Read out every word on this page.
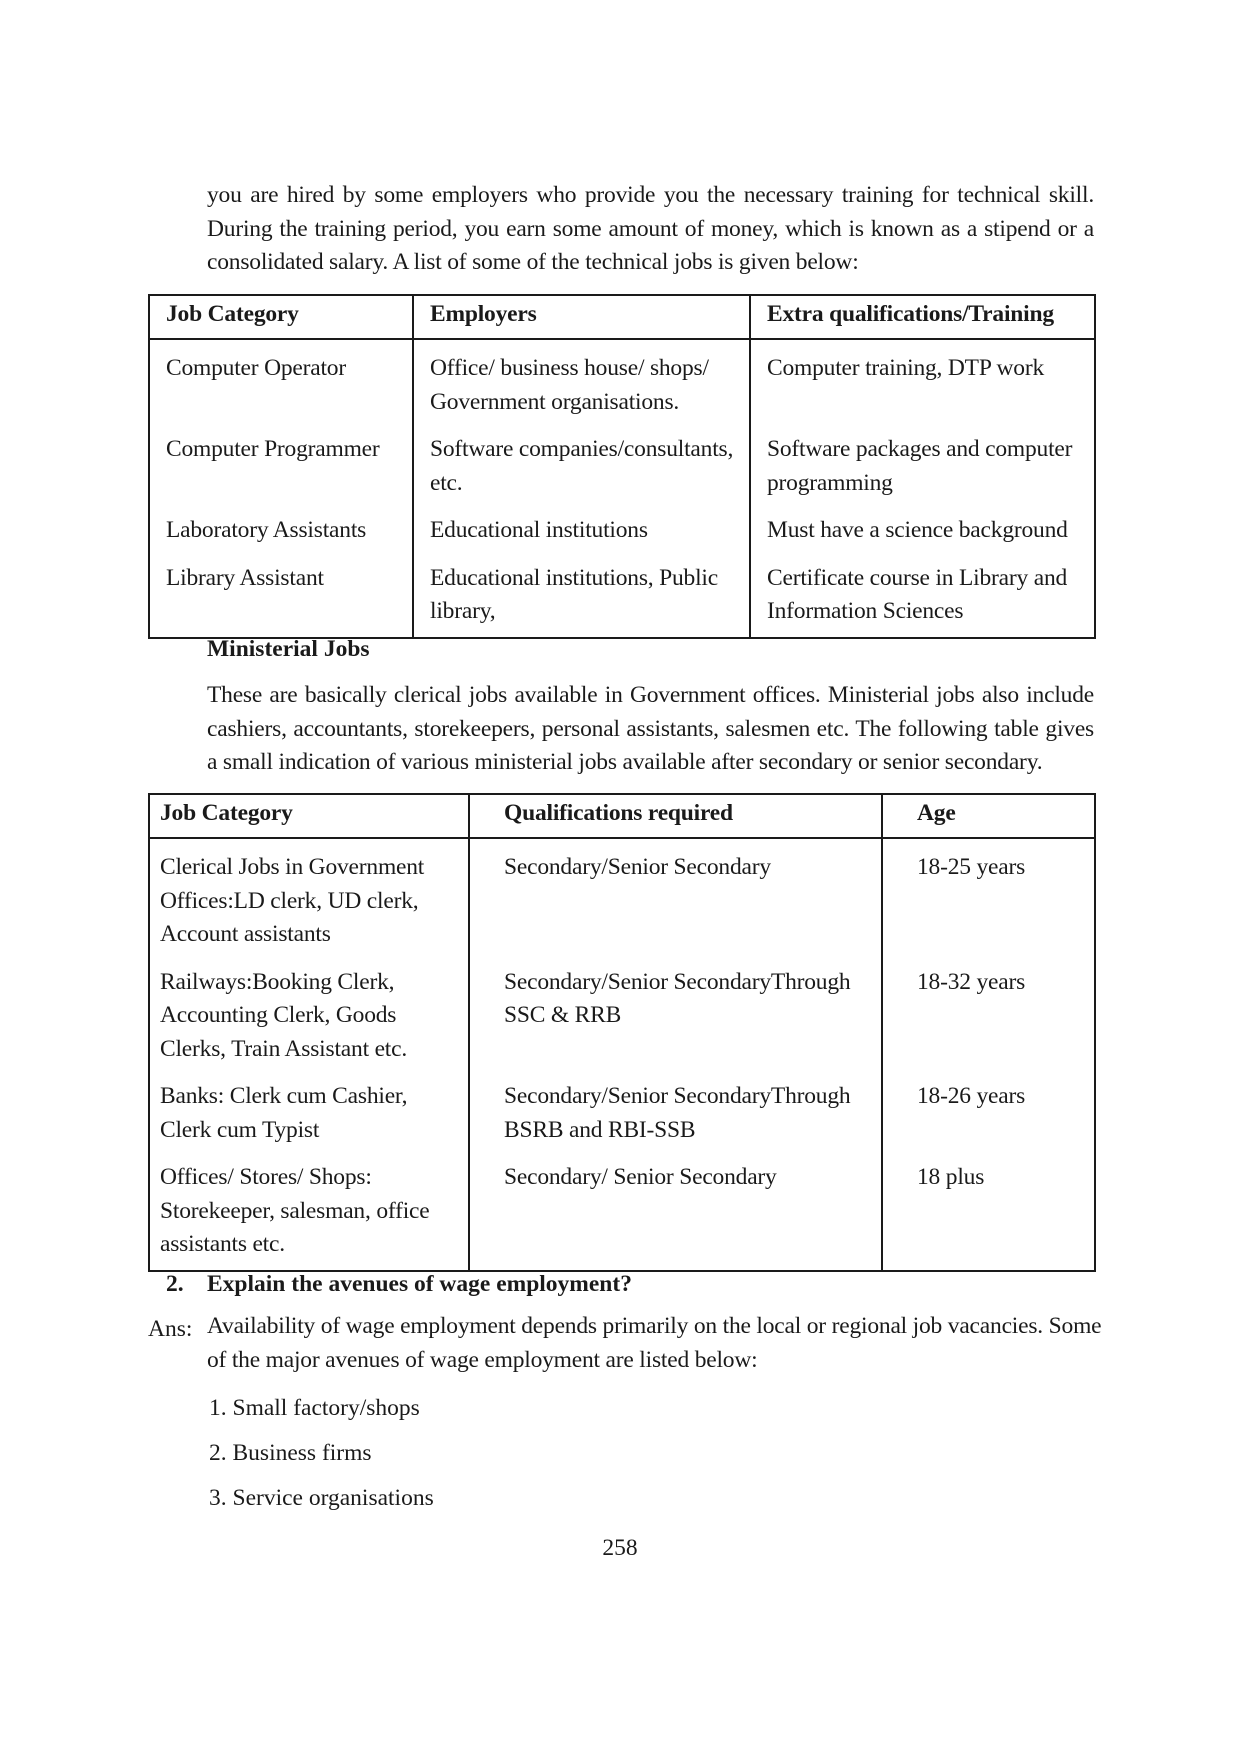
you are hired by some employers who provide you the necessary training for technical skill.
During the training period, you earn some amount of money, which is known as a stipend or a
consolidated salary. A list of some of the technical jobs is given below:
Job Category	Employers	Extra qualifications/Training
Computer Operator	Office/ business house/ shops/ Government organisations.	Computer training, DTP work
Computer Programmer	Software companies/consultants, etc.	Software packages and computer programming
Laboratory Assistants	Educational institutions	Must have a science background
Library Assistant	Educational institutions, Public library,	Certificate course in Library and Information Sciences
Ministerial Jobs
These are basically clerical jobs available in Government offices. Ministerial jobs also include
cashiers, accountants, storekeepers, personal assistants, salesmen etc. The following table gives
a small indication of various ministerial jobs available after secondary or senior secondary.
Job Category	Qualifications required	Age
Clerical Jobs in Government Offices:LD clerk, UD clerk, Account assistants	Secondary/Senior Secondary	18-25 years
Railways:Booking Clerk, Accounting Clerk, Goods Clerks, Train Assistant etc.	Secondary/Senior SecondaryThrough SSC & RRB	18-32 years
Banks: Clerk cum Cashier, Clerk cum Typist	Secondary/Senior SecondaryThrough BSRB and RBI-SSB	18-26 years
Offices/ Stores/ Shops: Storekeeper, salesman, office assistants etc.	Secondary/ Senior Secondary	18 plus
2. Explain the avenues of wage employment?
Ans: Availability of wage employment depends primarily on the local or regional job vacancies. Some
of the major avenues of wage employment are listed below:
1. Small factory/shops
2. Business firms
3. Service organisations
258
